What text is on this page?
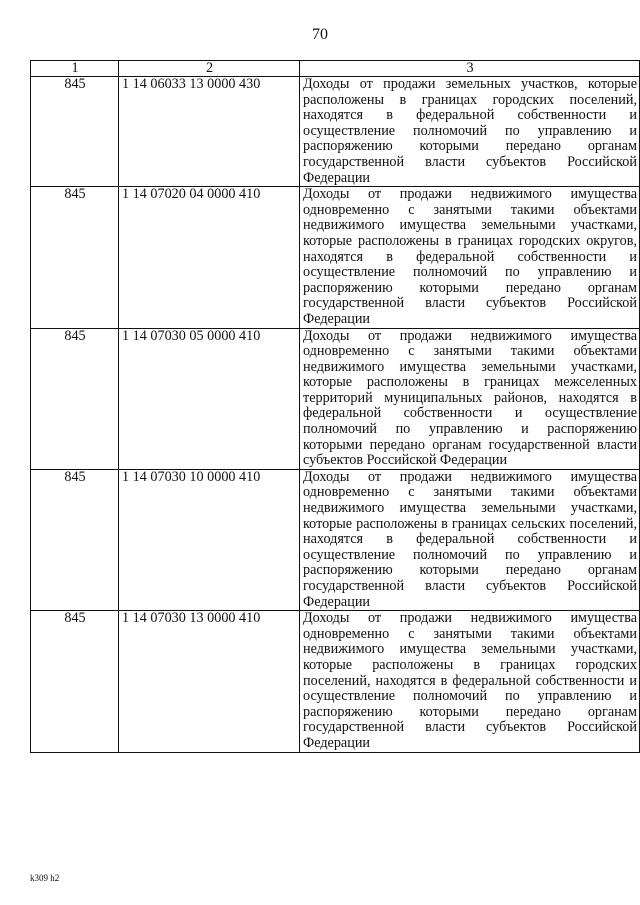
70
1	2	3
845	1 14 06033 13 0000 430	Доходы от продажи земельных участков, которые расположены в границах городских поселений, находятся в федеральной собственности и осуществление полномочий по управлению и распоряжению которыми передано органам государственной власти субъектов Российской Федерации
845	1 14 07020 04 0000 410	Доходы от продажи недвижимого имущества одновременно с занятыми такими объектами недвижимого имущества земельными участками, которые расположены в границах городских округов, находятся в федеральной собственности и осуществление полномочий по управлению и распоряжению которыми передано органам государственной власти субъектов Российской Федерации
845	1 14 07030 05 0000 410	Доходы от продажи недвижимого имущества одновременно с занятыми такими объектами недвижимого имущества земельными участками, которые расположены в границах межселенных территорий муниципальных районов, находятся в федеральной собственности и осуществление полномочий по управлению и распоряжению которыми передано органам государственной власти субъектов Российской Федерации
845	1 14 07030 10 0000 410	Доходы от продажи недвижимого имущества одновременно с занятыми такими объектами недвижимого имущества земельными участками, которые расположены в границах сельских поселений, находятся в федеральной собственности и осуществление полномочий по управлению и распоряжению которыми передано органам государственной власти субъектов Российской Федерации
845	1 14 07030 13 0000 410	Доходы от продажи недвижимого имущества одновременно с занятыми такими объектами недвижимого имущества земельными участками, которые расположены в границах городских поселений, находятся в федеральной собственности и осуществление полномочий по управлению и распоряжению которыми передано органам государственной власти субъектов Российской Федерации
k309 h2
